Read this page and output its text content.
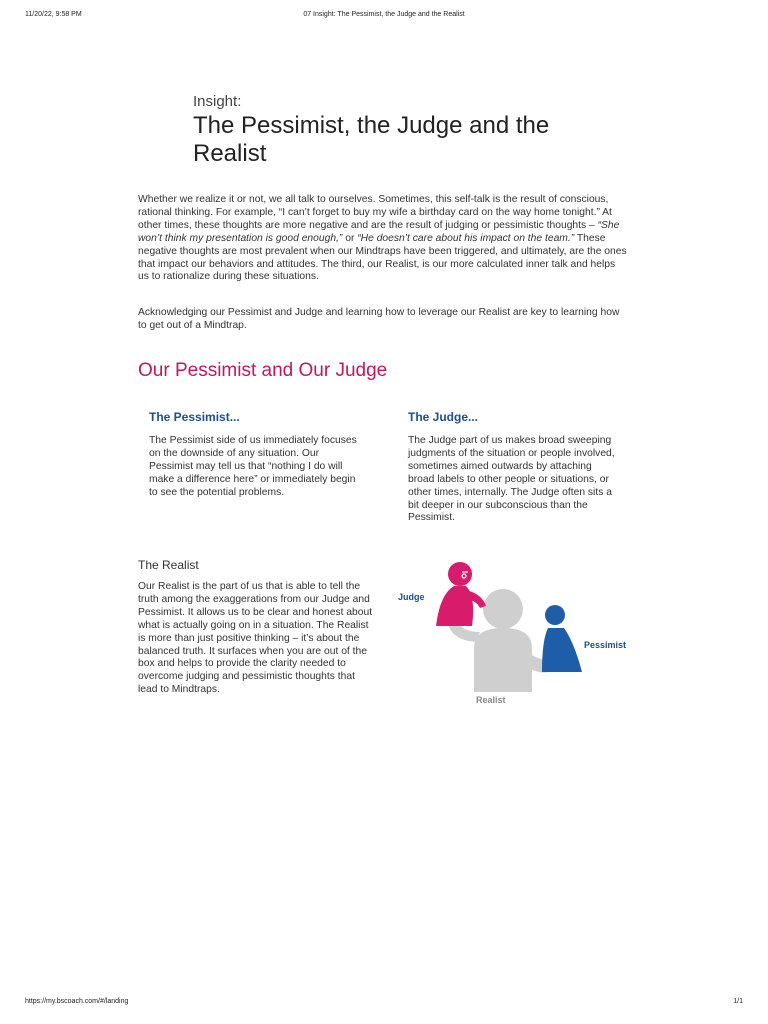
11/20/22, 9:58 PM	07 Insight: The Pessimist, the Judge and the Realist
Insight:
The Pessimist, the Judge and the Realist

Whether we realize it or not, we all talk to ourselves. Sometimes, this self-talk is the result of conscious, rational thinking. For example, “I can’t forget to buy my wife a birthday card on the way home tonight.” At other times, these thoughts are more negative and are the result of judging or pessimistic thoughts – “She won’t think my presentation is good enough,” or “He doesn’t care about his impact on the team.” These negative thoughts are most prevalent when our Mindtraps have been triggered, and ultimately, are the ones that impact our behaviors and attitudes. The third, our Realist, is our more calculated inner talk and helps us to rationalize during these situations.

Acknowledging our Pessimist and Judge and learning how to leverage our Realist are key to learning how to get out of a Mindtrap.

Our Pessimist and Our Judge
The Pessimist...

The Pessimist side of us immediately focuses on the downside of any situation. Our Pessimist may tell us that “nothing I do will make a difference here” or immediately begin to see the potential problems.

The Judge...

The Judge part of us makes broad sweeping judgments of the situation or people involved, sometimes aimed outwards by attaching broad labels to other people or situations, or other times, internally. The Judge often sits a bit deeper in our subconscious than the Pessimist.

The Realist

Our Realist is the part of us that is able to tell the truth among the exaggerations from our Judge and Pessimist. It allows us to be clear and honest about what is actually going on in a situation. The Realist is more than just positive thinking – it’s about the balanced truth. It surfaces when you are out of the box and helps to provide the clarity needed to overcome judging and pessimistic thoughts that lead to Mindtraps.

Judge
Pessimist
Realist
https://my.bscoach.com/#/landing	1/1
